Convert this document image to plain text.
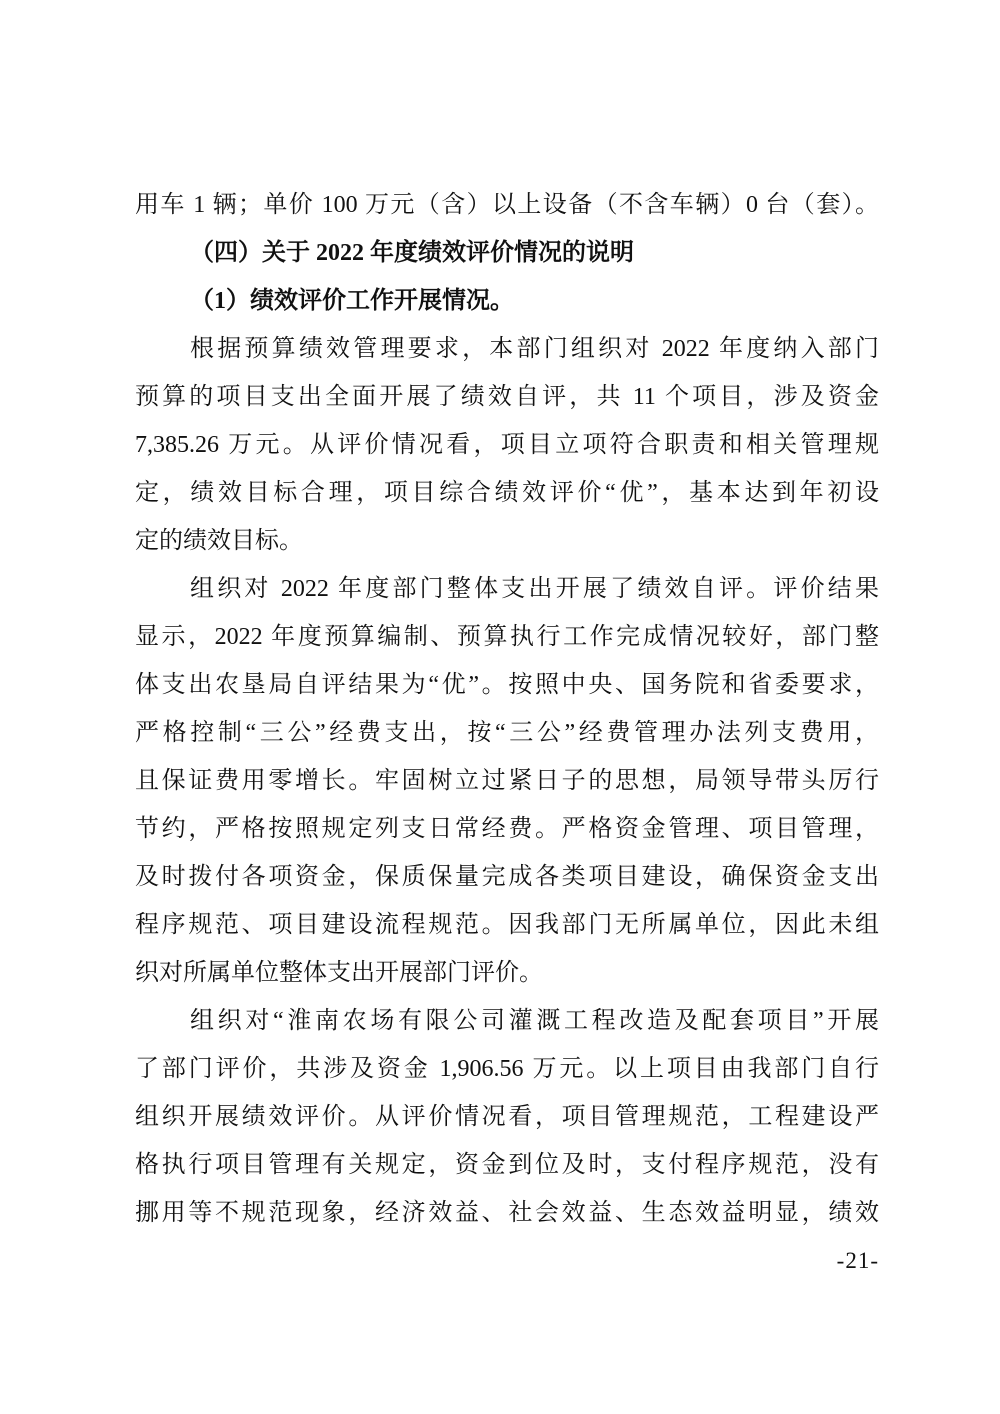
用车 1 辆；单价 100 万元（含）以上设备（不含车辆）0 台（套）。
（四）关于 2022 年度绩效评价情况的说明
（1）绩效评价工作开展情况。
根据预算绩效管理要求，本部门组织对 2022 年度纳入部门
预算的项目支出全面开展了绩效自评，共 11 个项目，涉及资金
7,385.26 万元。从评价情况看，项目立项符合职责和相关管理规
定，绩效目标合理，项目综合绩效评价“优”，基本达到年初设
定的绩效目标。
组织对 2022 年度部门整体支出开展了绩效自评。评价结果
显示，2022 年度预算编制、预算执行工作完成情况较好，部门整
体支出农垦局自评结果为“优”。按照中央、国务院和省委要求，
严格控制“三公”经费支出，按“三公”经费管理办法列支费用，
且保证费用零增长。牢固树立过紧日子的思想，局领导带头厉行
节约，严格按照规定列支日常经费。严格资金管理、项目管理，
及时拨付各项资金，保质保量完成各类项目建设，确保资金支出
程序规范、项目建设流程规范。因我部门无所属单位，因此未组
织对所属单位整体支出开展部门评价。
组织对“淮南农场有限公司灌溉工程改造及配套项目”开展
了部门评价，共涉及资金 1,906.56 万元。以上项目由我部门自行
组织开展绩效评价。从评价情况看，项目管理规范，工程建设严
格执行项目管理有关规定，资金到位及时，支付程序规范，没有
挪用等不规范现象，经济效益、社会效益、生态效益明显，绩效
-21-
